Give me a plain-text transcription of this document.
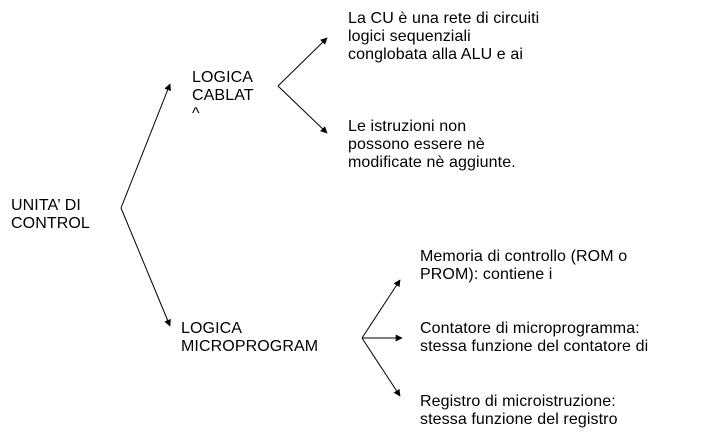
UNITA’ DI
CONTROL
LOGICA
CABLAT
^
La CU è una rete di circuiti
logici sequenziali
conglobata alla ALU e ai
Le istruzioni non
possono essere nè
modificate nè aggiunte.
LOGICA
MICROPROGRAM
Memoria di controllo (ROM o
PROM): contiene i
Contatore di microprogramma:
stessa funzione del contatore di
Registro di microistruzione:
stessa funzione del registro
